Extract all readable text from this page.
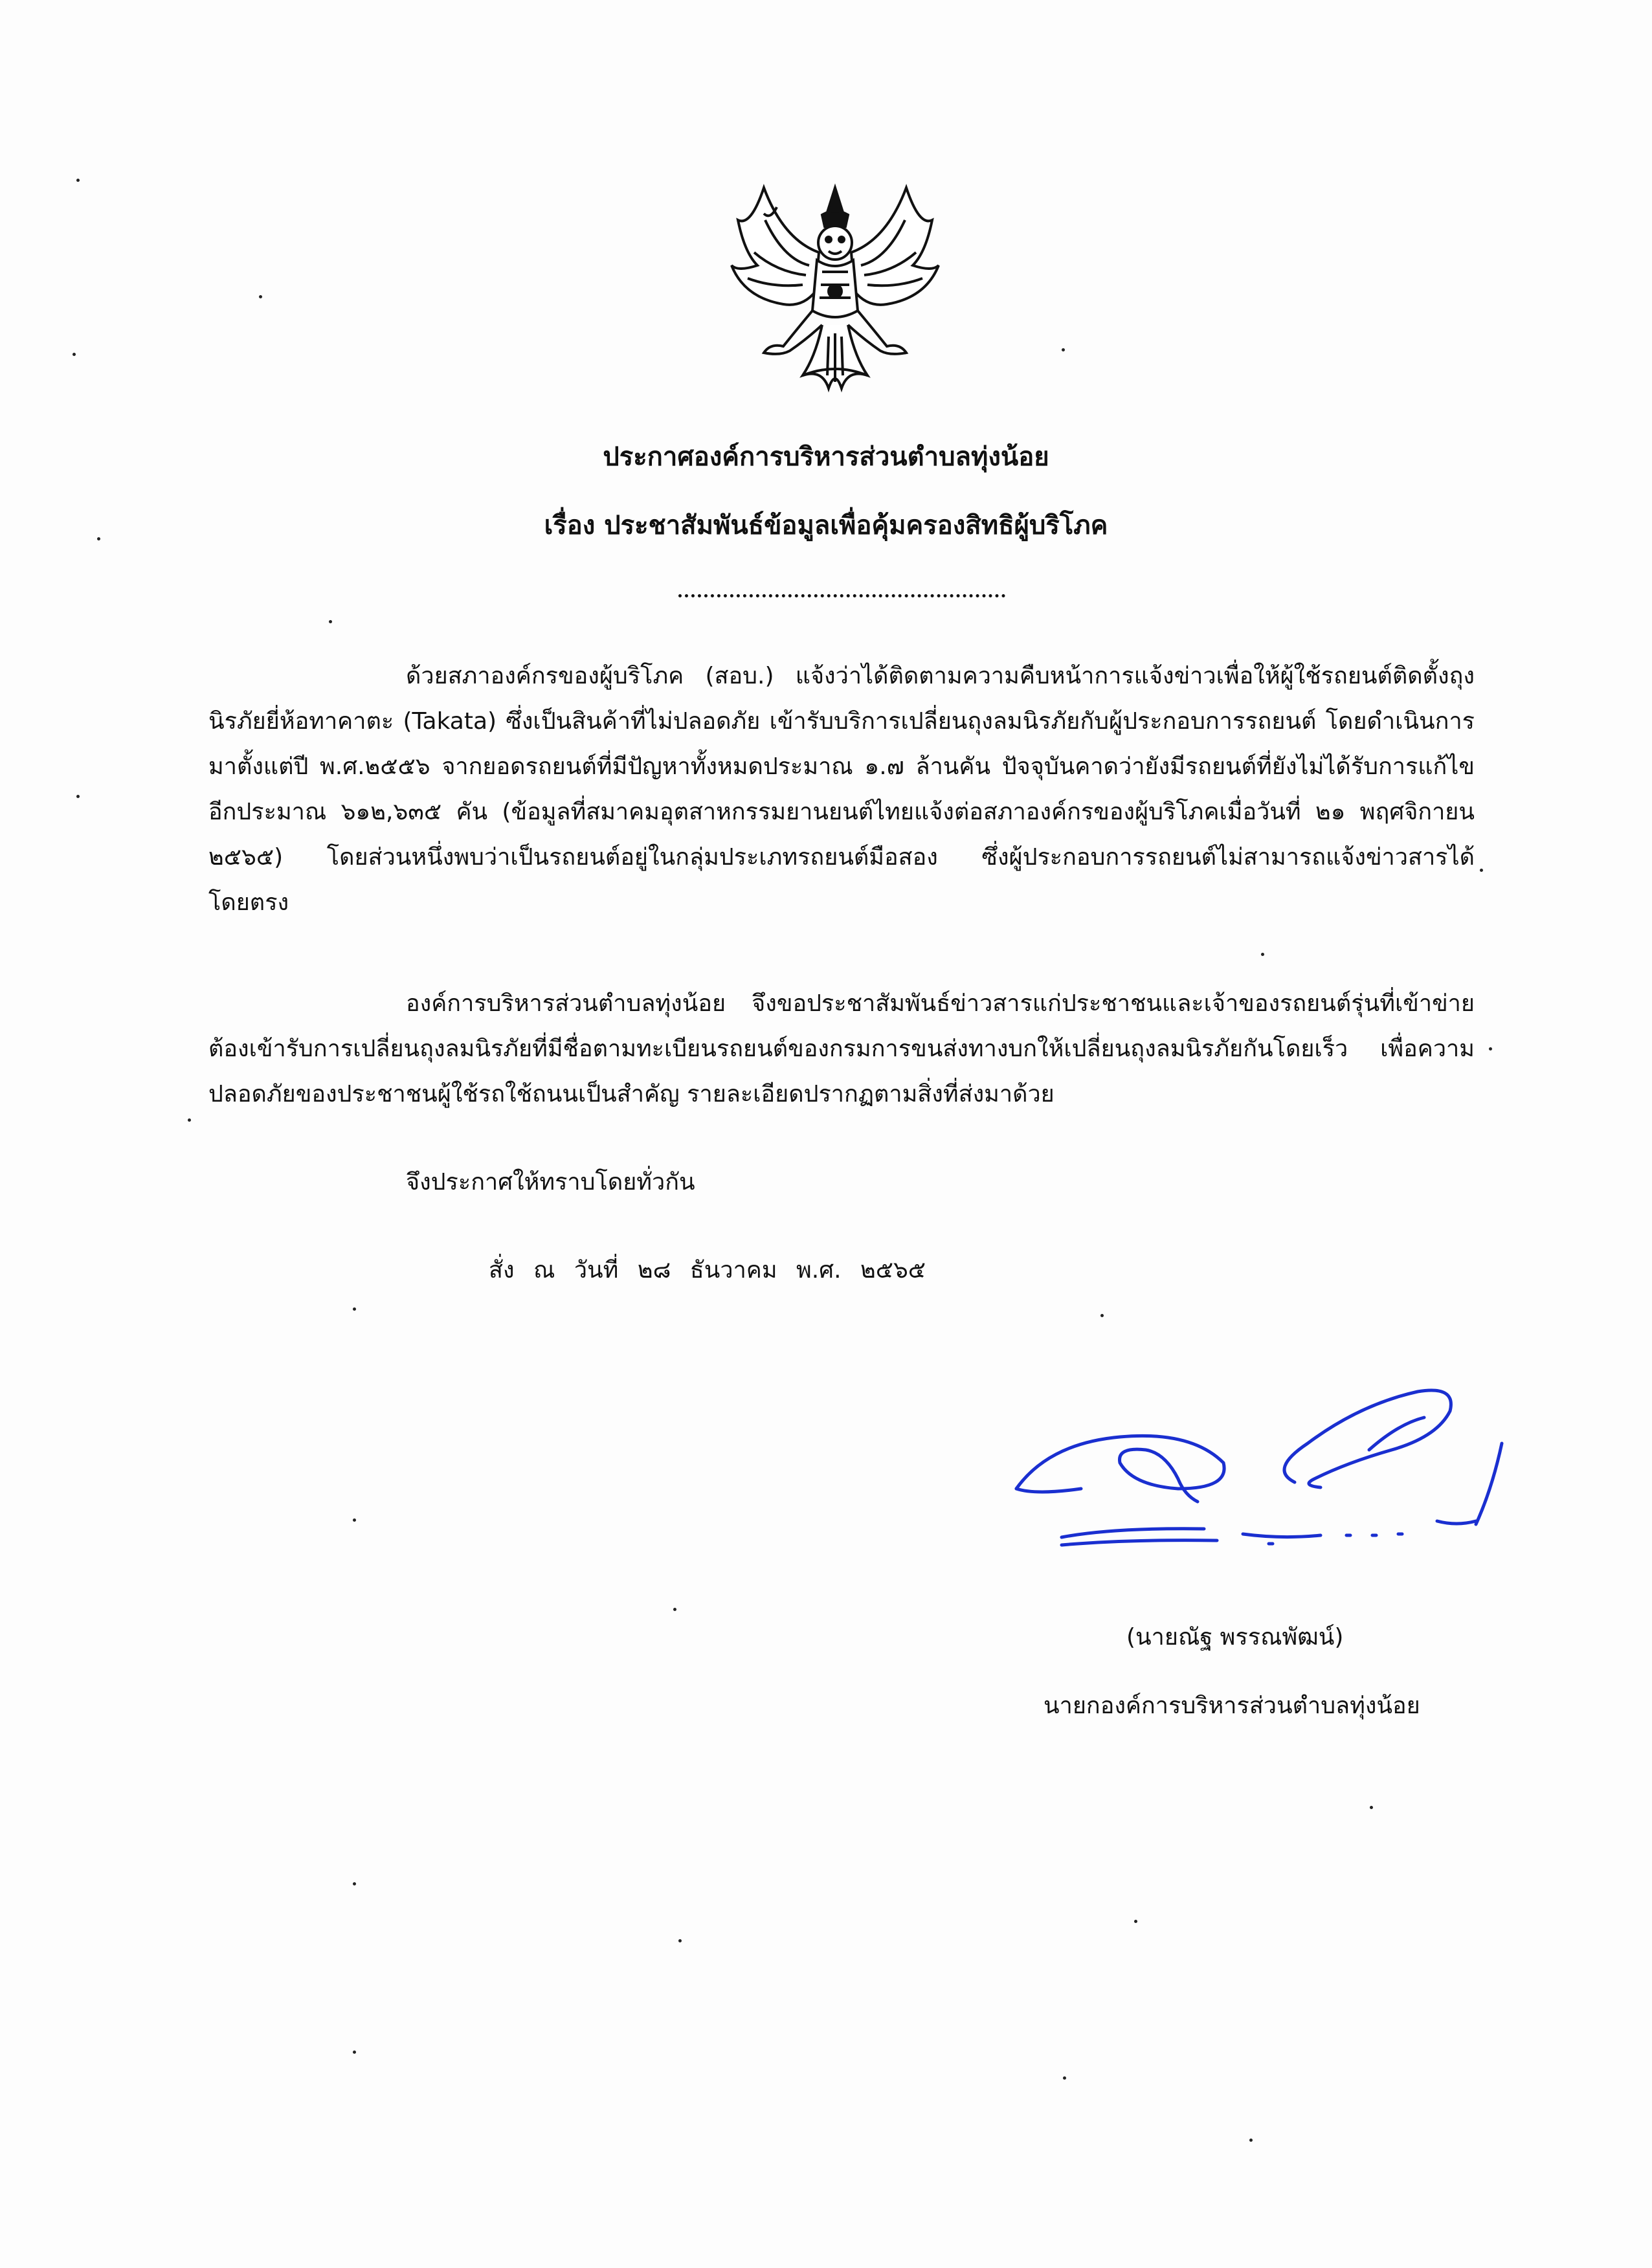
ประกาศองค์การบริหารส่วนตำบลทุ่งน้อย
เรื่อง ประชาสัมพันธ์ข้อมูลเพื่อคุ้มครองสิทธิผู้บริโภค
ด้วยสภาองค์กรของผู้บริโภค (สอบ.) แจ้งว่าได้ติดตามความคืบหน้าการแจ้งข่าวเพื่อให้ผู้ใช้รถยนต์ติดตั้งถุงนิรภัยยี่ห้อทาคาตะ (Takata) ซึ่งเป็นสินค้าที่ไม่ปลอดภัย เข้ารับบริการเปลี่ยนถุงลมนิรภัยกับผู้ประกอบการรถยนต์ โดยดำเนินการมาตั้งแต่ปี พ.ศ.๒๕๕๖ จากยอดรถยนต์ที่มีปัญหาทั้งหมดประมาณ ๑.๗ ล้านคัน ปัจจุบันคาดว่ายังมีรถยนต์ที่ยังไม่ได้รับการแก้ไขอีกประมาณ ๖๑๒,๖๓๕ คัน (ข้อมูลที่สมาคมอุตสาหกรรมยานยนต์ไทยแจ้งต่อสภาองค์กรของผู้บริโภคเมื่อวันที่ ๒๑ พฤศจิกายน ๒๕๖๕) โดยส่วนหนึ่งพบว่าเป็นรถยนต์อยู่ในกลุ่มประเภทรถยนต์มือสอง ซึ่งผู้ประกอบการรถยนต์ไม่สามารถแจ้งข่าวสารได้โดยตรง
องค์การบริหารส่วนตำบลทุ่งน้อย จึงขอประชาสัมพันธ์ข่าวสารแก่ประชาชนและเจ้าของรถยนต์รุ่นที่เข้าข่ายต้องเข้ารับการเปลี่ยนถุงลมนิรภัยที่มีชื่อตามทะเบียนรถยนต์ของกรมการขนส่งทางบกให้เปลี่ยนถุงลมนิรภัยกันโดยเร็ว เพื่อความปลอดภัยของประชาชนผู้ใช้รถใช้ถนนเป็นสำคัญ รายละเอียดปรากฏตามสิ่งที่ส่งมาด้วย
จึงประกาศให้ทราบโดยทั่วกัน
สั่ง ณ วันที่ ๒๘ ธันวาคม พ.ศ. ๒๕๖๕
(นายณัฐ พรรณพัฒน์)
นายกองค์การบริหารส่วนตำบลทุ่งน้อย
